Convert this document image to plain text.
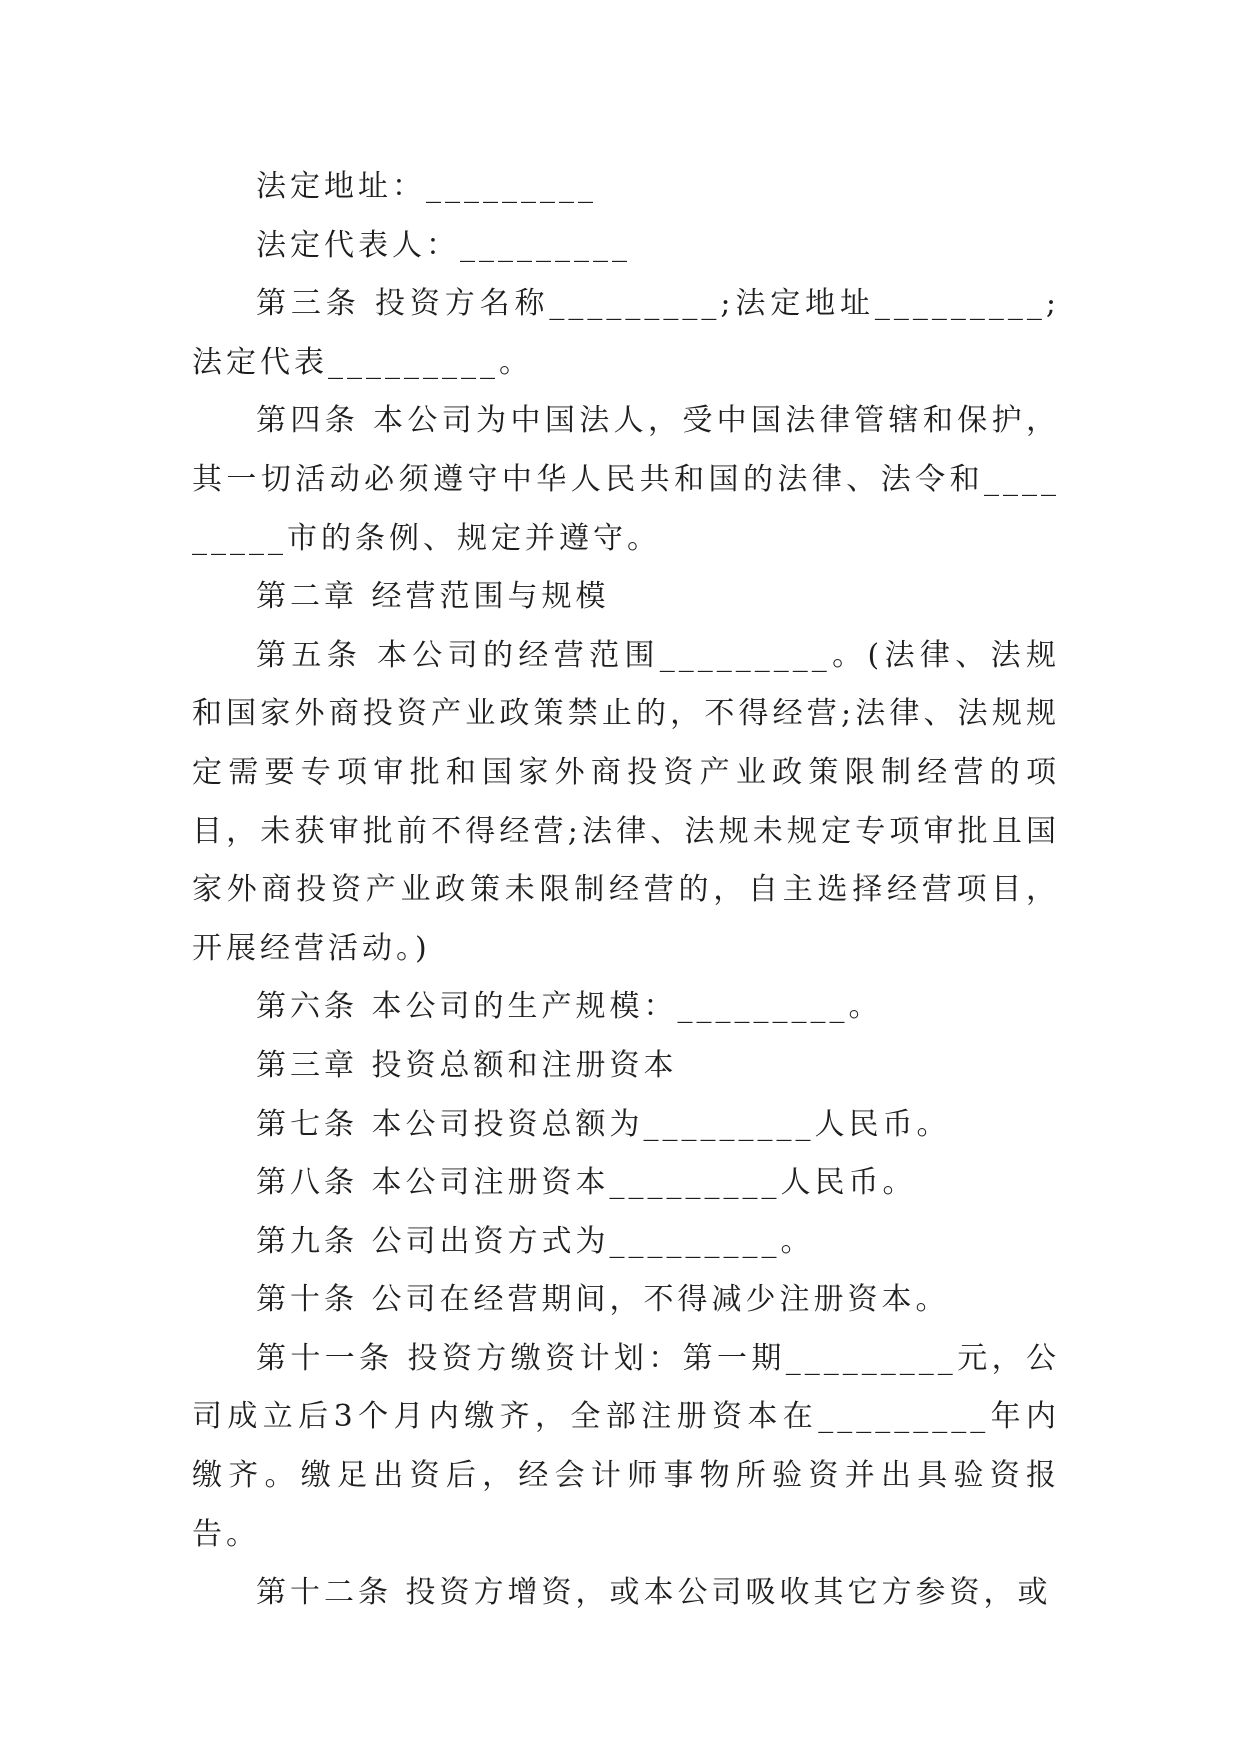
法定地址：_________

法定代表人：_________

第三条 投资方名称_________;法定地址_________;法定代表_________。

第四条 本公司为中国法人，受中国法律管辖和保护，其一切活动必须遵守中华人民共和国的法律、法令和_________市的条例、规定并遵守。

第二章 经营范围与规模

第五条 本公司的经营范围_________。(法律、法规和国家外商投资产业政策禁止的，不得经营;法律、法规规定需要专项审批和国家外商投资产业政策限制经营的项目，未获审批前不得经营;法律、法规未规定专项审批且国家外商投资产业政策未限制经营的，自主选择经营项目，开展经营活动。)

第六条 本公司的生产规模：_________。

第三章 投资总额和注册资本

第七条 本公司投资总额为_________人民币。

第八条 本公司注册资本_________人民币。

第九条 公司出资方式为_________。

第十条 公司在经营期间，不得减少注册资本。

第十一条 投资方缴资计划：第一期_________元，公司成立后3个月内缴齐，全部注册资本在_________年内缴齐。缴足出资后，经会计师事物所验资并出具验资报告。

第十二条 投资方增资，或本公司吸收其它方参资，或
